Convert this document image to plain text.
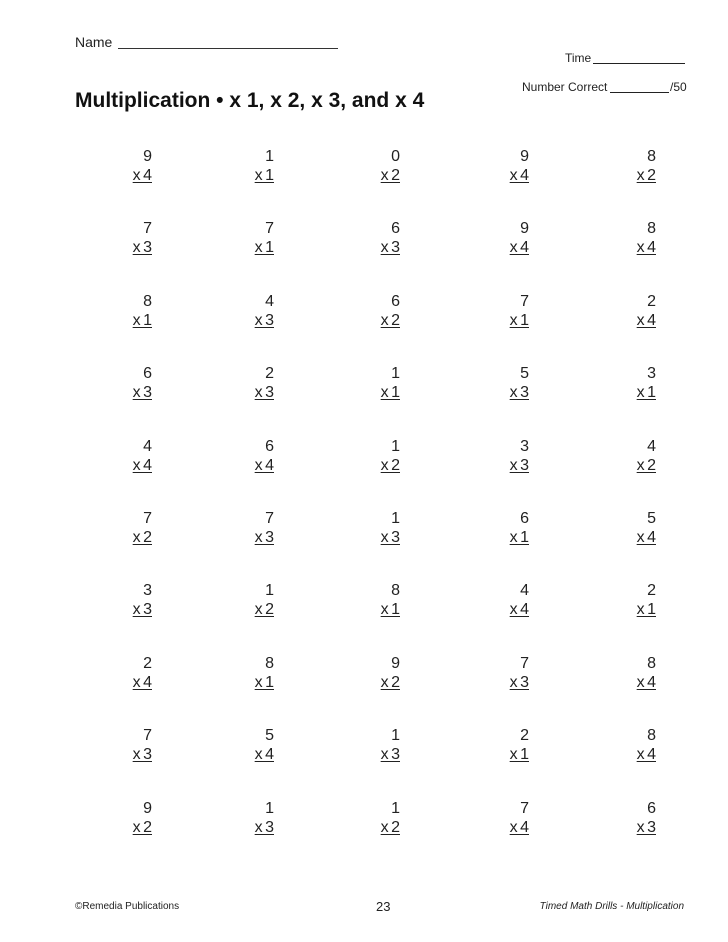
Name
Time
Number Correct	/50
Multiplication • x 1, x 2, x 3, and x 4
9
x 4
1
x 1
0
x 2
9
x 4
8
x 2
7
x 3
7
x 1
6
x 3
9
x 4
8
x 4
8
x 1
4
x 3
6
x 2
7
x 1
2
x 4
6
x 3
2
x 3
1
x 1
5
x 3
3
x 1
4
x 4
6
x 4
1
x 2
3
x 3
4
x 2
7
x 2
7
x 3
1
x 3
6
x 1
5
x 4
3
x 3
1
x 2
8
x 1
4
x 4
2
x 1
2
x 4
8
x 1
9
x 2
7
x 3
8
x 4
7
x 3
5
x 4
1
x 3
2
x 1
8
x 4
9
x 2
1
x 3
1
x 2
7
x 4
6
x 3
©Remedia Publications	23	Timed Math Drills - Multiplication
